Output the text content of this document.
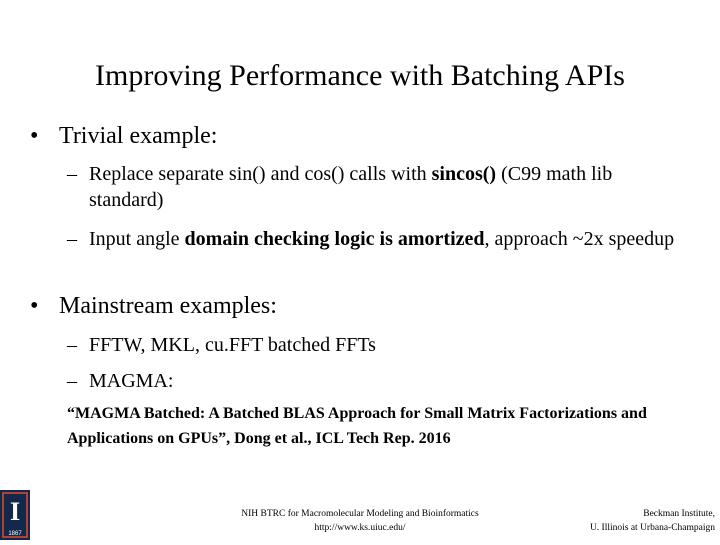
Improving Performance with Batching APIs
• Trivial example:
– Replace separate sin() and cos() calls with sincos() (C99 math lib standard)
– Input angle domain checking logic is amortized, approach ~2x speedup
• Mainstream examples:
– FFTW, MKL, cu.FFT batched FFTs
– MAGMA:
“MAGMA Batched: A Batched BLAS Approach for Small Matrix Factorizations and Applications on GPUs”, Dong et al., ICL Tech Rep. 2016
I
1867
NIH BTRC for Macromolecular Modeling and Bioinformatics
http://www.ks.uiuc.edu/
Beckman Institute,
U. Illinois at Urbana-Champaign
